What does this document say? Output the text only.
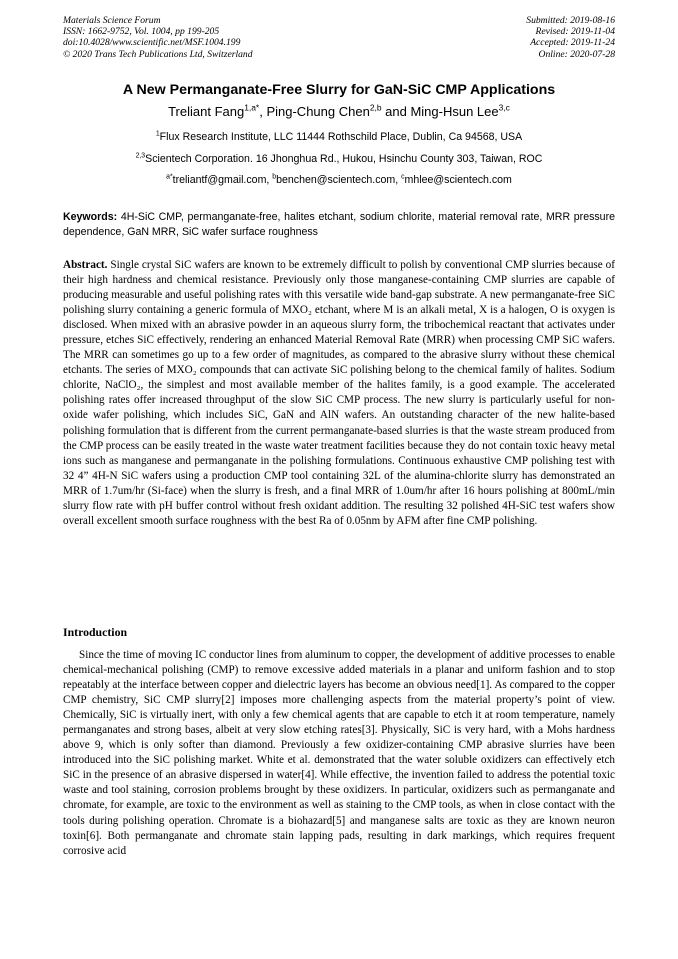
Materials Science Forum
ISSN: 1662-9752, Vol. 1004, pp 199-205
doi:10.4028/www.scientific.net/MSF.1004.199
© 2020 Trans Tech Publications Ltd, Switzerland
Submitted: 2019-08-16
Revised: 2019-11-04
Accepted: 2019-11-24
Online: 2020-07-28
A New Permanganate-Free Slurry for GaN-SiC CMP Applications
Treliant Fang$^{1,a*}$, Ping-Chung Chen$^{2,b}$ and Ming-Hsun Lee$^{3,c}$
$^1$Flux Research Institute, LLC 11444 Rothschild Place, Dublin, Ca 94568, USA
$^{2,3}$Scientech Corporation. 16 Jhonghua Rd., Hukou, Hsinchu County 303, Taiwan, ROC
$^{a*}$treliantf@gmail.com, $^b$benchen@scientech.com, $^c$mhlee@scientech.com
Keywords: 4H-SiC CMP, permanganate-free, halites etchant, sodium chlorite, material removal rate, MRR pressure dependence, GaN MRR, SiC wafer surface roughness
Abstract. Single crystal SiC wafers are known to be extremely difficult to polish by conventional CMP slurries because of their high hardness and chemical resistance. Previously only those manganese-containing CMP slurries are capable of producing measurable and useful polishing rates with this versatile wide band-gap substrate. A new permanganate-free SiC polishing slurry containing a generic formula of MXO₂ etchant, where M is an alkali metal, X is a halogen, O is oxygen is disclosed. When mixed with an abrasive powder in an aqueous slurry form, the tribochemical reactant that activates under pressure, etches SiC effectively, rendering an enhanced Material Removal Rate (MRR) when processing CMP SiC wafers. The MRR can sometimes go up to a few order of magnitudes, as compared to the abrasive slurry without these chemical etchants. The series of MXO₂ compounds that can activate SiC polishing belong to the chemical family of halites. Sodium chlorite, NaClO₂, the simplest and most available member of the halites family, is a good example. The accelerated polishing rates offer increased throughput of the slow SiC CMP process. The new slurry is particularly useful for non-oxide wafer polishing, which includes SiC, GaN and AlN wafers. An outstanding character of the new halite-based polishing formulation that is different from the current permanganate-based slurries is that the waste stream produced from the CMP process can be easily treated in the waste water treatment facilities because they do not contain toxic heavy metal ions such as manganese and permanganate in the polishing formulations. Continuous exhaustive CMP polishing test with 32 4” 4H-N SiC wafers using a production CMP tool containing 32L of the alumina-chlorite slurry has demonstrated an MRR of 1.7um/hr (Si-face) when the slurry is fresh, and a final MRR of 1.0um/hr after 16 hours polishing at 800mL/min slurry flow rate with pH buffer control without fresh oxidant addition. The resulting 32 polished 4H-SiC test wafers show overall excellent smooth surface roughness with the best Ra of 0.05nm by AFM after fine CMP polishing.
Introduction
Since the time of moving IC conductor lines from aluminum to copper, the development of additive processes to enable chemical-mechanical polishing (CMP) to remove excessive added materials in a planar and uniform fashion and to stop repeatably at the interface between copper and dielectric layers has become an obvious need[1]. As compared to the copper CMP chemistry, SiC CMP slurry[2] imposes more challenging aspects from the material property’s point of view. Chemically, SiC is virtually inert, with only a few chemical agents that are capable to etch it at room temperature, namely permanganates and strong bases, albeit at very slow etching rates[3]. Physically, SiC is very hard, with a Mohs hardness above 9, which is only softer than diamond. Previously a few oxidizer-containing CMP abrasive slurries have been introduced into the SiC polishing market. White et al. demonstrated that the water soluble oxidizers can effectively etch SiC in the presence of an abrasive dispersed in water[4]. While effective, the invention failed to address the potential toxic waste and tool staining, corrosion problems brought by these oxidizers. In particular, oxidizers such as permanganate and chromate, for example, are toxic to the environment as well as staining to the CMP tools, as when in close contact with the tools during polishing operation. Chromate is a biohazard[5] and manganese salts are toxic as they are known neuron toxin[6]. Both permanganate and chromate stain lapping pads, resulting in dark markings, which requires frequent corrosive acid
